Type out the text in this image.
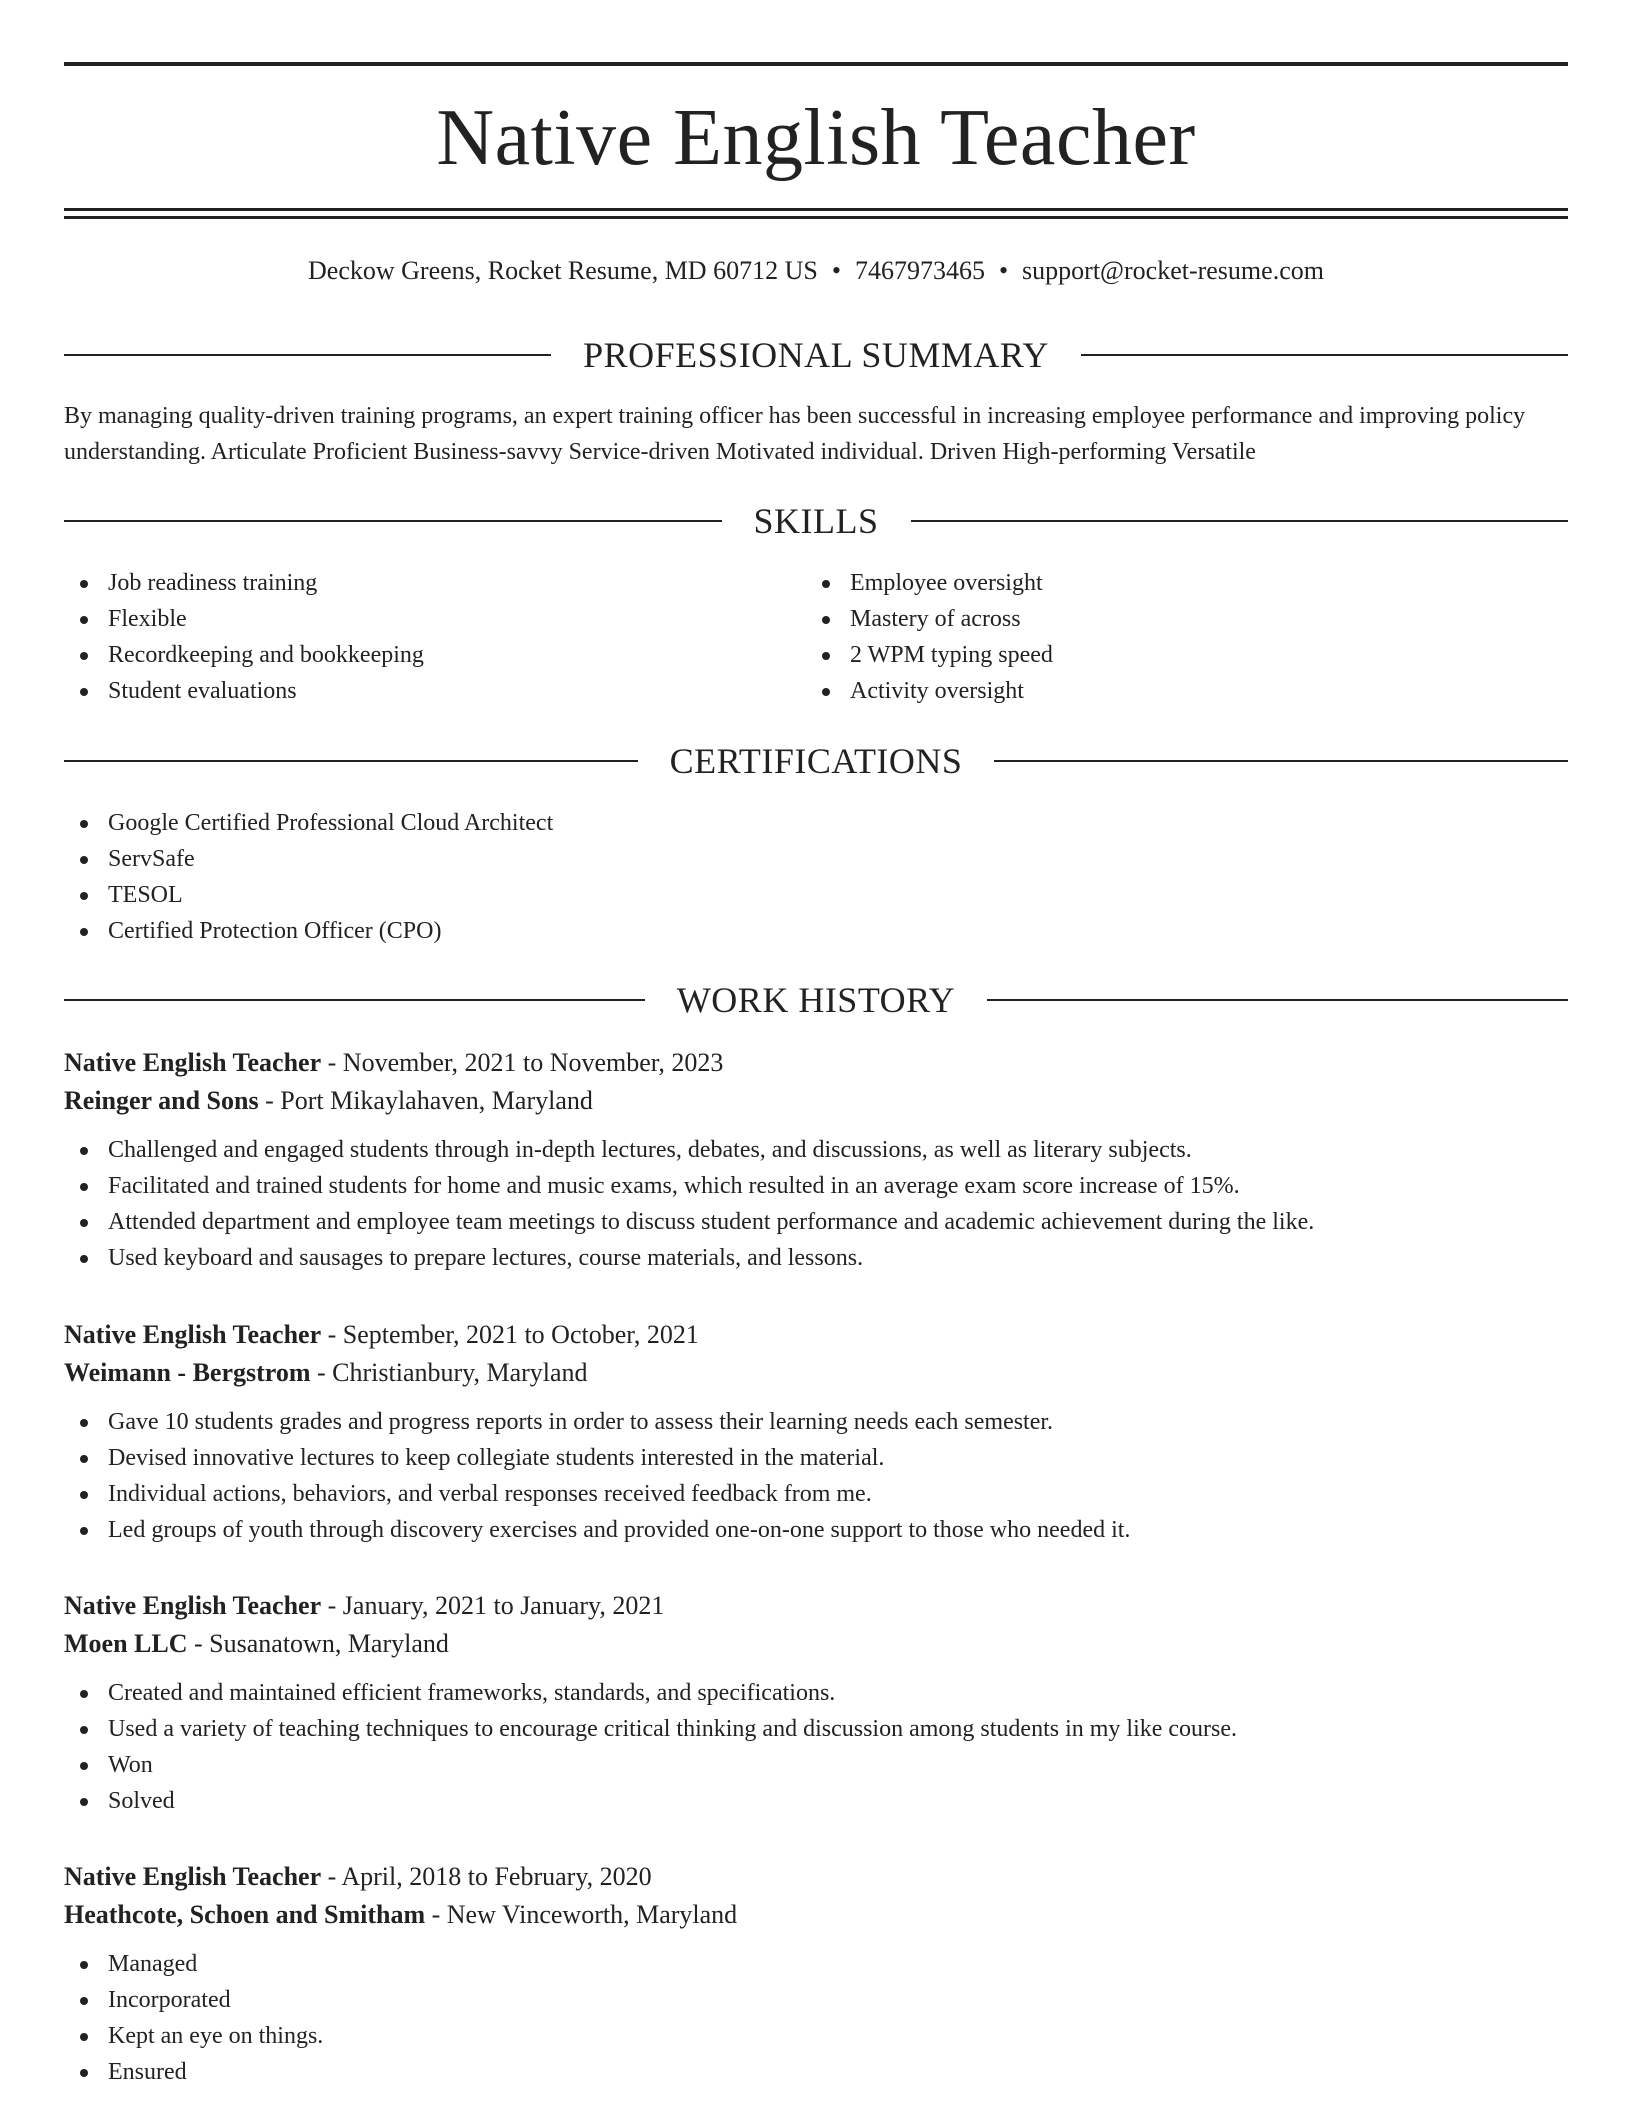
Native English Teacher
Deckow Greens, Rocket Resume, MD 60712 US • 7467973465 • support@rocket-resume.com
PROFESSIONAL SUMMARY

By managing quality-driven training programs, an expert training officer has been successful in increasing employee performance and improving policy understanding. Articulate Proficient Business-savvy Service-driven Motivated individual. Driven High-performing Versatile

SKILLS
Job readiness training
Flexible
Recordkeeping and bookkeeping
Student evaluations
Employee oversight
Mastery of across
2 WPM typing speed
Activity oversight
CERTIFICATIONS
Google Certified Professional Cloud Architect
ServSafe
TESOL
Certified Protection Officer (CPO)
WORK HISTORY

Native English Teacher - November, 2021 to November, 2023

Reinger and Sons - Port Mikaylahaven, Maryland

Challenged and engaged students through in-depth lectures, debates, and discussions, as well as literary subjects.
Facilitated and trained students for home and music exams, which resulted in an average exam score increase of 15%.
Attended department and employee team meetings to discuss student performance and academic achievement during the like.
Used keyboard and sausages to prepare lectures, course materials, and lessons.

Native English Teacher - September, 2021 to October, 2021

Weimann - Bergstrom - Christianbury, Maryland

Gave 10 students grades and progress reports in order to assess their learning needs each semester.
Devised innovative lectures to keep collegiate students interested in the material.
Individual actions, behaviors, and verbal responses received feedback from me.
Led groups of youth through discovery exercises and provided one-on-one support to those who needed it.

Native English Teacher - January, 2021 to January, 2021

Moen LLC - Susanatown, Maryland

Created and maintained efficient frameworks, standards, and specifications.
Used a variety of teaching techniques to encourage critical thinking and discussion among students in my like course.
Won
Solved

Native English Teacher - April, 2018 to February, 2020

Heathcote, Schoen and Smitham - New Vinceworth, Maryland

Managed
Incorporated
Kept an eye on things.
Ensured
